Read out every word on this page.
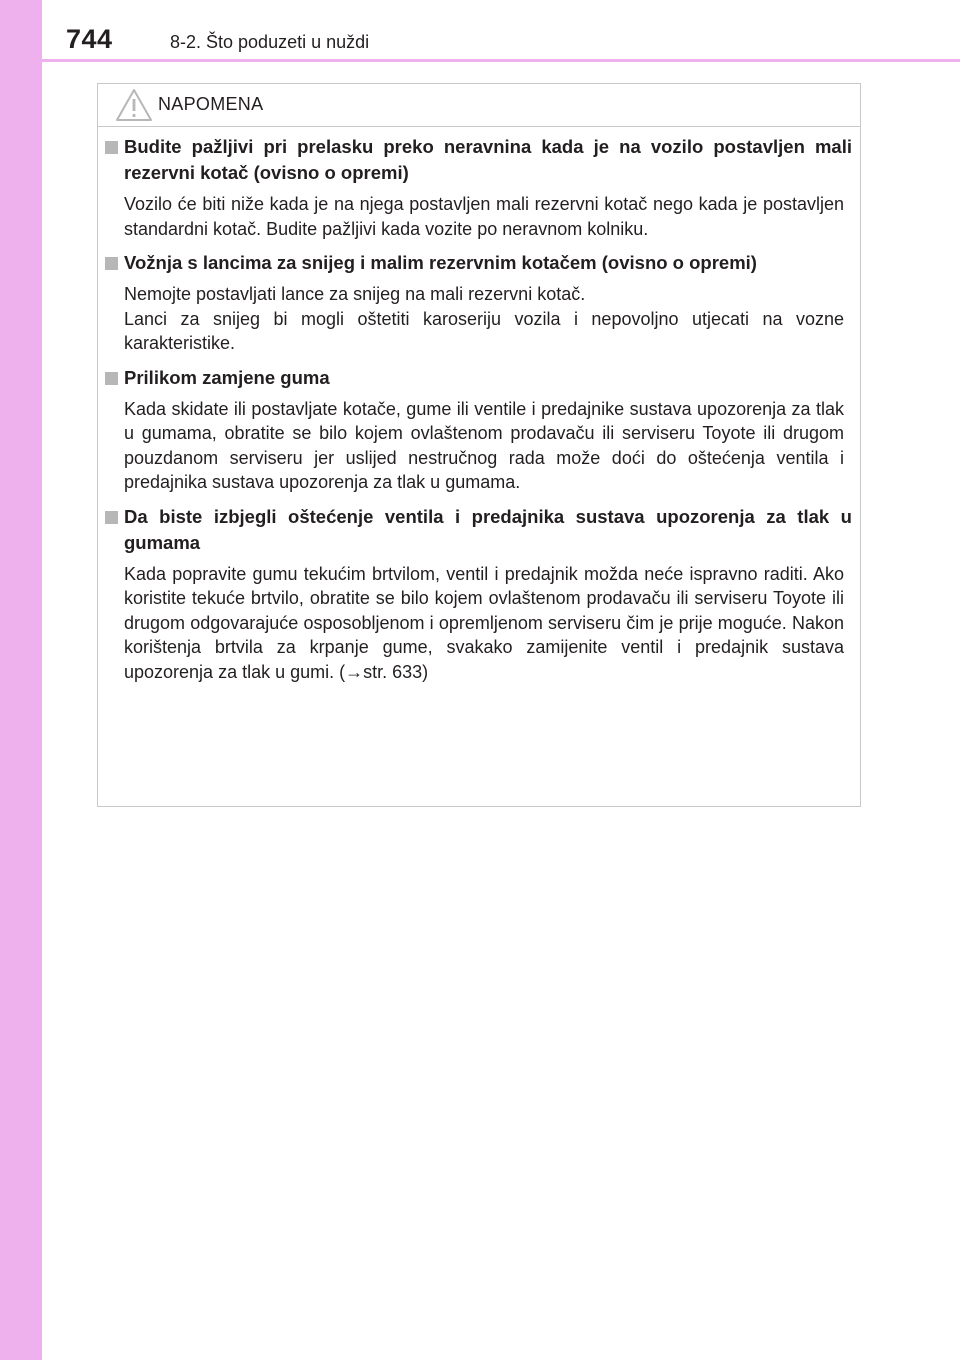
744	8-2. Što poduzeti u nuždi
NAPOMENA
Budite pažljivi pri prelasku preko neravnina kada je na vozilo postavljen mali rezervni kotač (ovisno o opremi)

Vozilo će biti niže kada je na njega postavljen mali rezervni kotač nego kada je postavljen standardni kotač. Budite pažljivi kada vozite po neravnom kolniku.

Vožnja s lancima za snijeg i malim rezervnim kotačem (ovisno o opremi)

Nemojte postavljati lance za snijeg na mali rezervni kotač.

Lanci za snijeg bi mogli oštetiti karoseriju vozila i nepovoljno utjecati na vozne karakteristike.

Prilikom zamjene guma

Kada skidate ili postavljate kotače, gume ili ventile i predajnike sustava upozorenja za tlak u gumama, obratite se bilo kojem ovlaštenom prodavaču ili serviseru Toyote ili drugom pouzdanom serviseru jer uslijed nestručnog rada može doći do oštećenja ventila i predajnika sustava upozorenja za tlak u gumama.

Da biste izbjegli oštećenje ventila i predajnika sustava upozorenja za tlak u gumama

Kada popravite gumu tekućim brtvilom, ventil i predajnik možda neće ispravno raditi. Ako koristite tekuće brtvilo, obratite se bilo kojem ovlaštenom prodavaču ili serviseru Toyote ili drugom odgovarajuće osposobljenom i opremljenom serviseru čim je prije moguće. Nakon korištenja brtvila za krpanje gume, svakako zamijenite ventil i predajnik sustava upozorenja za tlak u gumi. (→str. 633)
